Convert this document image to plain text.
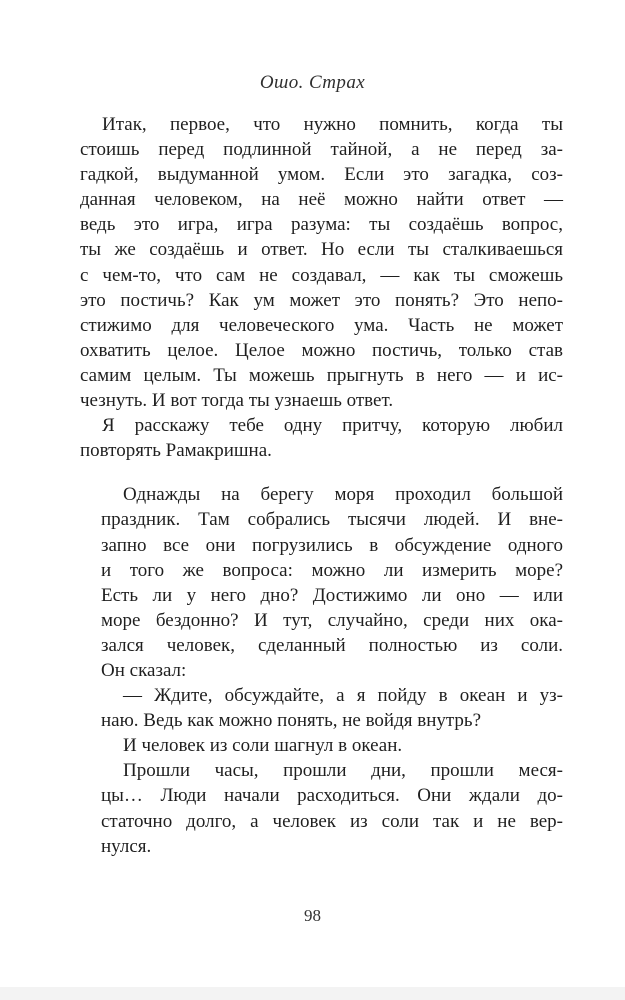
Ошо. Страх
Итак, первое, что нужно помнить, когда ты
стоишь перед подлинной тайной, а не перед за-
гадкой, выдуманной умом. Если это загадка, соз-
данная человеком, на неё можно найти ответ —
ведь это игра, игра разума: ты создаёшь вопрос,
ты же создаёшь и ответ. Но если ты сталкиваешься
с чем-то, что сам не создавал, — как ты сможешь
это постичь? Как ум может это понять? Это непо-
стижимо для человеческого ума. Часть не может
охватить целое. Целое можно постичь, только став
самим целым. Ты можешь прыгнуть в него — и ис-
чезнуть. И вот тогда ты узнаешь ответ.
Я расскажу тебе одну притчу, которую любил
повторять Рамакришна.
Однажды на берегу моря проходил большой
праздник. Там собрались тысячи людей. И вне-
запно все они погрузились в обсуждение одного
и того же вопроса: можно ли измерить море?
Есть ли у него дно? Достижимо ли оно — или
море бездонно? И тут, случайно, среди них ока-
зался человек, сделанный полностью из соли.
Он сказал:
— Ждите, обсуждайте, а я пойду в океан и уз-
наю. Ведь как можно понять, не войдя внутрь?
И человек из соли шагнул в океан.
Прошли часы, прошли дни, прошли меся-
цы… Люди начали расходиться. Они ждали до-
статочно долго, а человек из соли так и не вер-
нулся.
98
